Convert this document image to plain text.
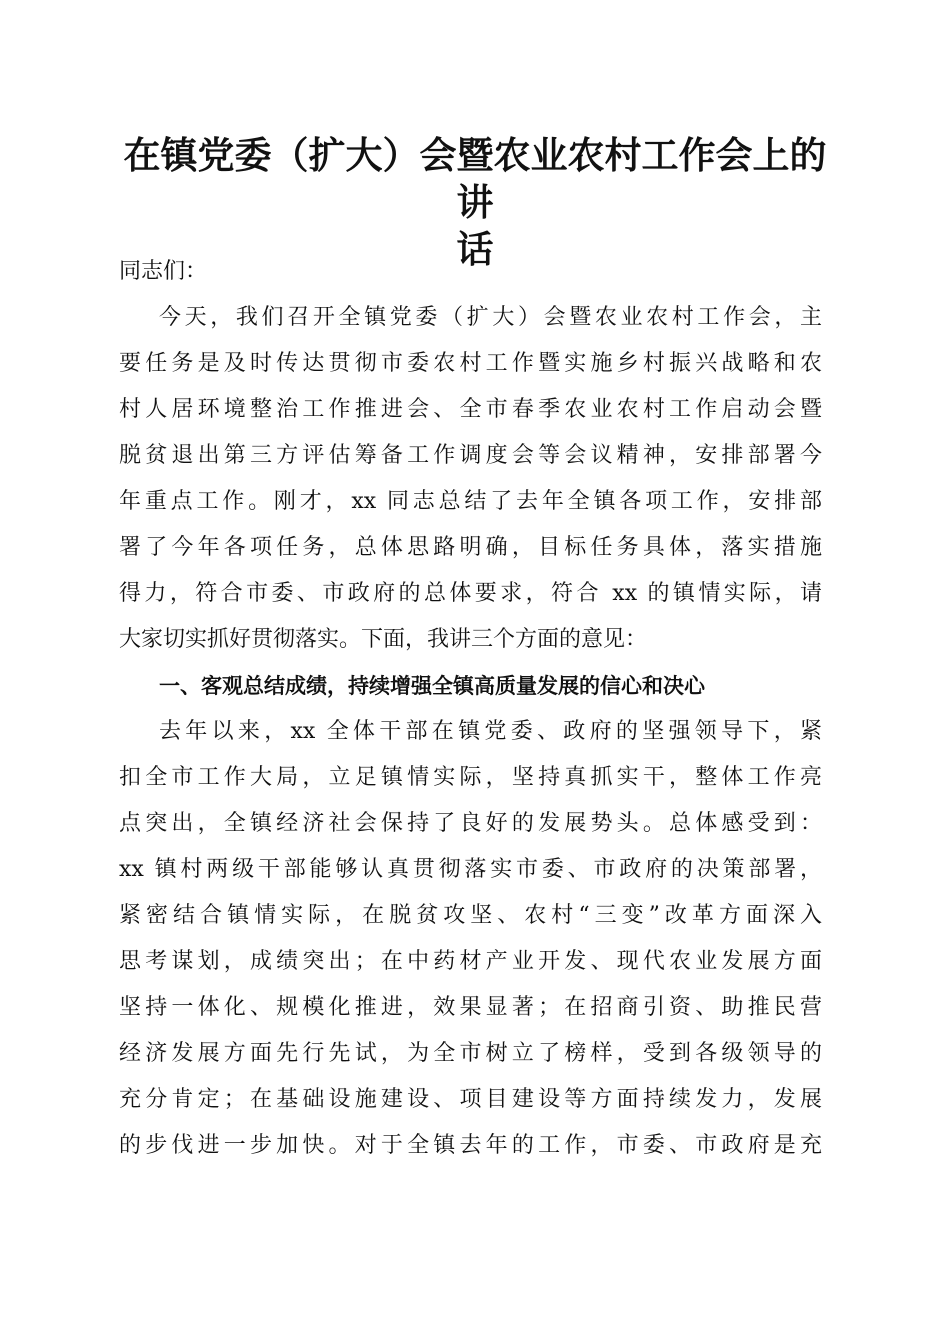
在镇党委（扩大）会暨农业农村工作会上的讲
话
同志们：
今天，我们召开全镇党委（扩大）会暨农业农村工作会，主
要任务是及时传达贯彻市委农村工作暨实施乡村振兴战略和农
村人居环境整治工作推进会、全市春季农业农村工作启动会暨
脱贫退出第三方评估筹备工作调度会等会议精神，安排部署今
年重点工作。刚才，xx 同志总结了去年全镇各项工作，安排部
署了今年各项任务，总体思路明确，目标任务具体，落实措施
得力，符合市委、市政府的总体要求，符合 xx 的镇情实际，请
大家切实抓好贯彻落实。下面，我讲三个方面的意见：
一、客观总结成绩，持续增强全镇高质量发展的信心和决心
去年以来，xx 全体干部在镇党委、政府的坚强领导下，紧
扣全市工作大局，立足镇情实际，坚持真抓实干，整体工作亮
点突出，全镇经济社会保持了良好的发展势头。总体感受到：
xx 镇村两级干部能够认真贯彻落实市委、市政府的决策部署，
紧密结合镇情实际，在脱贫攻坚、农村“三变”改革方面深入
思考谋划，成绩突出；在中药材产业开发、现代农业发展方面
坚持一体化、规模化推进，效果显著；在招商引资、助推民营
经济发展方面先行先试，为全市树立了榜样，受到各级领导的
充分肯定；在基础设施建设、项目建设等方面持续发力，发展
的步伐进一步加快。对于全镇去年的工作，市委、市政府是充
